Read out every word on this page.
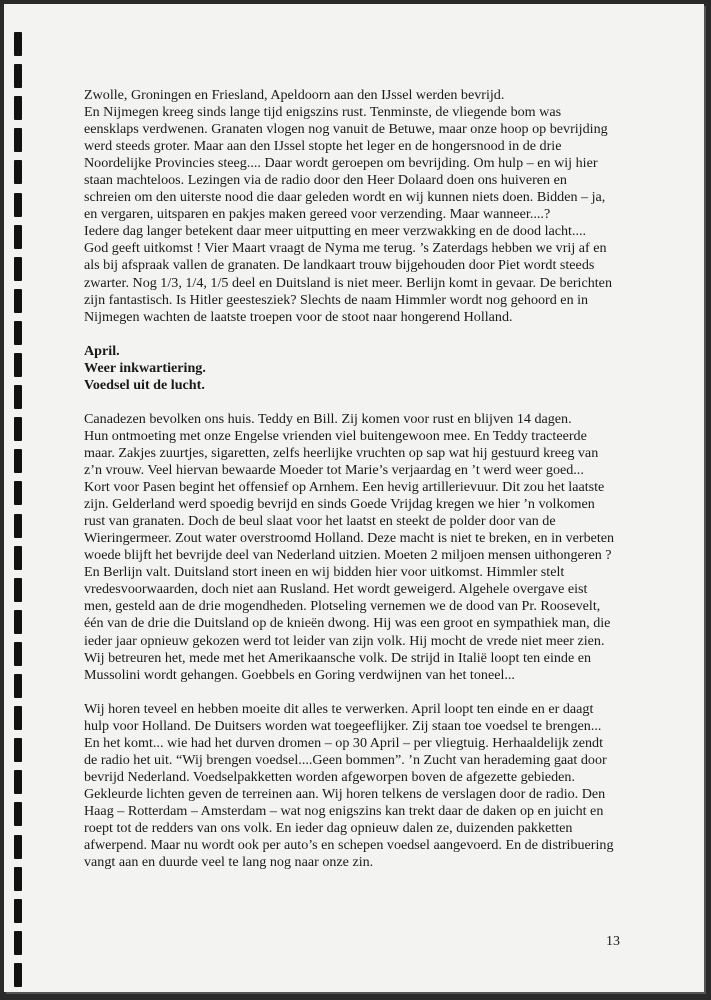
Zwolle, Groningen en Friesland, Apeldoorn aan den IJssel werden bevrijd.
En Nijmegen kreeg sinds lange tijd enigszins rust. Tenminste, de vliegende bom was
eensklaps verdwenen. Granaten vlogen nog vanuit de Betuwe, maar onze hoop op bevrijding
werd steeds groter. Maar aan den IJssel stopte het leger en de hongersnood in de drie
Noordelijke Provincies steeg.... Daar wordt geroepen om bevrijding. Om hulp – en wij hier
staan machteloos. Lezingen via de radio door den Heer Dolaard doen ons huiveren en
schreien om den uiterste nood die daar geleden wordt en wij kunnen niets doen. Bidden – ja,
en vergaren, uitsparen en pakjes maken gereed voor verzending. Maar wanneer....?
Iedere dag langer betekent daar meer uitputting en meer verzwakking en de dood lacht....
God geeft uitkomst ! Vier Maart vraagt de Nyma me terug. ’s Zaterdags hebben we vrij af en
als bij afspraak vallen de granaten. De landkaart trouw bijgehouden door Piet wordt steeds
zwarter. Nog 1/3, 1/4, 1/5 deel en Duitsland is niet meer. Berlijn komt in gevaar. De berichten
zijn fantastisch. Is Hitler geestesziek? Slechts de naam Himmler wordt nog gehoord en in
Nijmegen wachten de laatste troepen voor de stoot naar hongerend Holland.
April.
Weer inkwartiering.
Voedsel uit de lucht.
Canadezen bevolken ons huis. Teddy en Bill. Zij komen voor rust en blijven 14 dagen.
Hun ontmoeting met onze Engelse vrienden viel buitengewoon mee. En Teddy tracteerde
maar. Zakjes zuurtjes, sigaretten, zelfs heerlijke vruchten op sap wat hij gestuurd kreeg van
z’n vrouw. Veel hiervan bewaarde Moeder tot Marie’s verjaardag en ’t werd weer goed...
Kort voor Pasen begint het offensief op Arnhem. Een hevig artillerievuur. Dit zou het laatste
zijn. Gelderland werd spoedig bevrijd en sinds Goede Vrijdag kregen we hier ’n volkomen
rust van granaten. Doch de beul slaat voor het laatst en steekt de polder door van de
Wieringermeer. Zout water overstroomd Holland. Deze macht is niet te breken, en in verbeten
woede blijft het bevrijde deel van Nederland uitzien. Moeten 2 miljoen mensen uithongeren ?
En Berlijn valt. Duitsland stort ineen en wij bidden hier voor uitkomst. Himmler stelt
vredesvoorwaarden, doch niet aan Rusland. Het wordt geweigerd. Algehele overgave eist
men, gesteld aan de drie mogendheden. Plotseling vernemen we de dood van Pr. Roosevelt,
één van de drie die Duitsland op de knieën dwong. Hij was een groot en sympathiek man, die
ieder jaar opnieuw gekozen werd tot leider van zijn volk. Hij mocht de vrede niet meer zien.
Wij betreuren het, mede met het Amerikaansche volk. De strijd in Italië loopt ten einde en
Mussolini wordt gehangen. Goebbels en Goring verdwijnen van het toneel...
Wij horen teveel en hebben moeite dit alles te verwerken. April loopt ten einde en er daagt
hulp voor Holland. De Duitsers worden wat toegeeflijker. Zij staan toe voedsel te brengen...
En het komt... wie had het durven dromen – op 30 April – per vliegtuig. Herhaaldelijk zendt
de radio het uit. “Wij brengen voedsel....Geen bommen”. ’n Zucht van herademing gaat door
bevrijd Nederland. Voedselpakketten worden afgeworpen boven de afgezette gebieden.
Gekleurde lichten geven de terreinen aan. Wij horen telkens de verslagen door de radio. Den
Haag – Rotterdam – Amsterdam – wat nog enigszins kan trekt daar de daken op en juicht en
roept tot de redders van ons volk. En ieder dag opnieuw dalen ze, duizenden pakketten
afwerpend. Maar nu wordt ook per auto’s en schepen voedsel aangevoerd. En de distribuering
vangt aan en duurde veel te lang nog naar onze zin.
13
